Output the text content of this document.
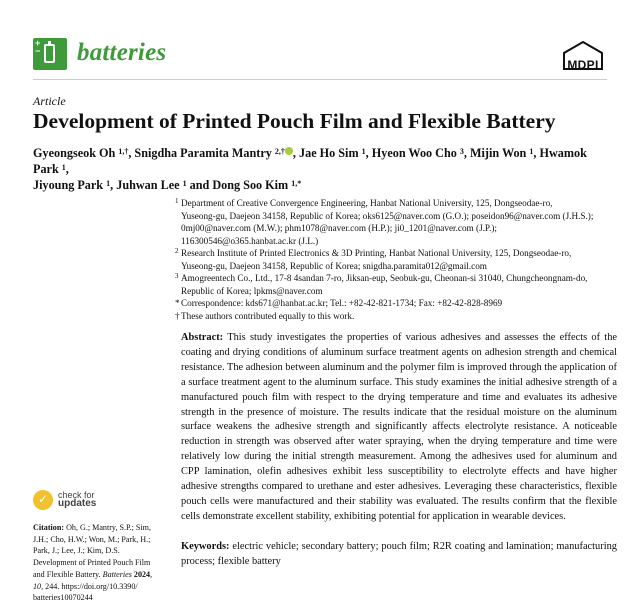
+
− batteries	MDPI
Article
Development of Printed Pouch Film and Flexible Battery
Gyeongseok Oh $^{1,\dagger}$, Snigdha Paramita Mantry $^{2,\dagger}$ , Jae Ho Sim $^1$, Hyeon Woo Cho $^3$, Mijin Won $^1$, Hwamok Park $^1$,
Jiyoung Park $^1$, Juhwan Lee $^1$ and Dong Soo Kim $^{1,*}$
1 Department of Creative Convergence Engineering, Hanbat National University, 125, Dongseodae-ro,
Yuseong-gu, Daejeon 34158, Republic of Korea; oks6125@naver.com (G.O.); poseidon96@naver.com (J.H.S.);
0mj00@naver.com (M.W.); phm1078@naver.com (H.P.); ji0_1201@naver.com (J.P.);
116300546@o365.hanbat.ac.kr (J.L.)
2 Research Institute of Printed Electronics & 3D Printing, Hanbat National University, 125, Dongseodae-ro,
Yuseong-gu, Daejeon 34158, Republic of Korea; snigdha.paramita012@gmail.com
3 Amogreentech Co., Ltd., 17-8 4sandan 7-ro, Jiksan-eup, Seobuk-gu, Cheonan-si 31040, Chungcheongnam-do,
Republic of Korea; lpkms@naver.com
* Correspondence: kds671@hanbat.ac.kr; Tel.: +82-42-821-1734; Fax: +82-42-828-8969
† These authors contributed equally to this work.
Abstract: This study investigates the properties of various adhesives and assesses the effects of the coating and drying conditions of aluminum surface treatment agents on adhesion strength and chemical resistance. The adhesion between aluminum and the polymer film is improved through the application of a surface treatment agent to the aluminum surface. This study examines the initial adhesive strength of a manufactured pouch film with respect to the drying temperature and time and evaluates its adhesive strength in the presence of moisture. The results indicate that the residual moisture on the aluminum surface weakens the adhesive strength and significantly affects electrolyte resistance. A noticeable reduction in strength was observed after water spraying, when the drying temperature and time were relatively low during the initial strength measurement. Among the adhesives used for aluminum and CPP lamination, olefin adhesives exhibit less susceptibility to electrolyte effects and have higher adhesive strengths compared to urethane and ester adhesives. Leveraging these characteristics, flexible pouch cells were manufactured and their stability was evaluated. The results confirm that the flexible cells demonstrate excellent stability, exhibiting potential for application in wearable devices.
Keywords: electric vehicle; secondary battery; pouch film; R2R coating and lamination; manufacturing process; flexible battery
✓ check for
updates
Citation: Oh, G.; Mantry, S.P.; Sim, J.H.; Cho, H.W.; Won, M.; Park, H.; Park, J.; Lee, J.; Kim, D.S. Development of Printed Pouch Film and Flexible Battery. Batteries 2024, 10, 244. https://doi.org/10.3390/ batteries10070244
